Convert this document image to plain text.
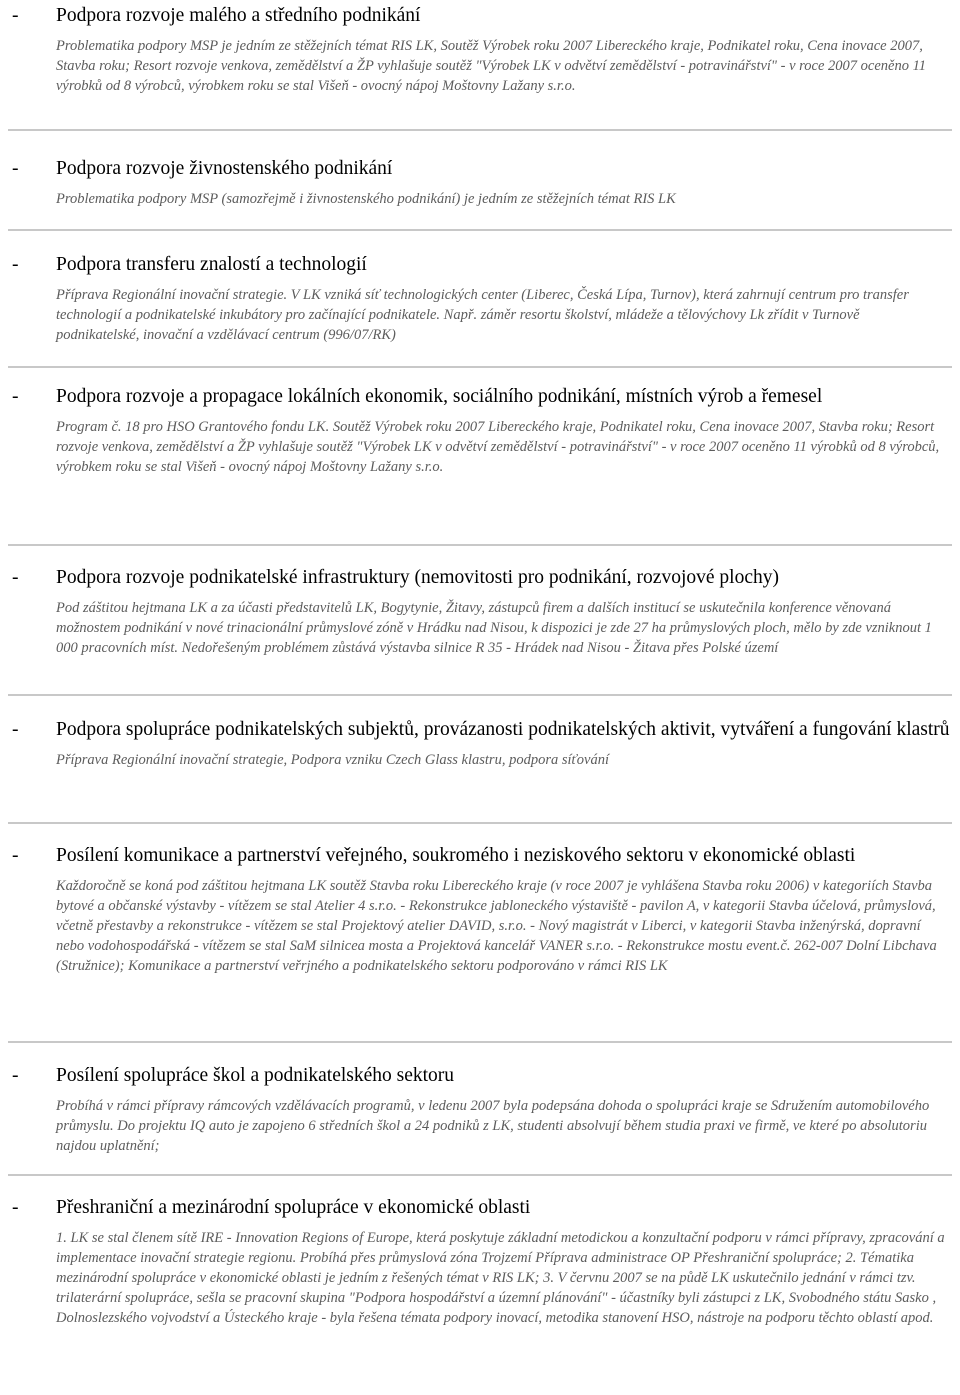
- Podpora rozvoje malého a středního podnikání
Problematika podpory MSP je jedním ze stěžejních témat RIS LK, Soutěž Výrobek roku 2007 Libereckého kraje, Podnikatel roku, Cena inovace 2007, Stavba roku; Resort rozvoje venkova, zemědělství a ŽP vyhlašuje soutěž "Výrobek LK v odvětví zemědělství - potravinářství" - v roce 2007 oceněno 11 výrobků od 8 výrobců, výrobkem roku se stal Višeň - ovocný nápoj Moštovny Lažany s.r.o.
- Podpora rozvoje živnostenského podnikání
Problematika podpory MSP (samozřejmě i živnostenského podnikání) je jedním ze stěžejních témat RIS LK
- Podpora transferu znalostí a technologií
Příprava Regionální inovační strategie. V LK vzniká síť technologických center (Liberec, Česká Lípa, Turnov), která zahrnují centrum pro transfer technologií a podnikatelské inkubátory pro začínající podnikatele. Např. záměr resortu školství, mládeže a tělovýchovy Lk zřídit v Turnově podnikatelské, inovační a vzdělávací centrum (996/07/RK)
- Podpora rozvoje a propagace lokálních ekonomik, sociálního podnikání, místních výrob a řemesel
Program č. 18 pro HSO Grantového fondu LK. Soutěž Výrobek roku 2007 Libereckého kraje, Podnikatel roku, Cena inovace 2007, Stavba roku; Resort rozvoje venkova, zemědělství a ŽP vyhlašuje soutěž "Výrobek LK v odvětví zemědělství - potravinářství" - v roce 2007 oceněno 11 výrobků od 8 výrobců, výrobkem roku se stal Višeň - ovocný nápoj Moštovny Lažany s.r.o.
- Podpora rozvoje podnikatelské infrastruktury (nemovitosti pro podnikání, rozvojové plochy)
Pod záštitou hejtmana LK a za účasti představitelů LK, Bogytynie, Žitavy, zástupců firem a dalších institucí se uskutečnila konference věnovaná možnostem podnikání v nové trinacionální průmyslové zóně v Hrádku nad Nisou, k dispozici je zde 27 ha průmyslových ploch, mělo by zde vzniknout 1 000 pracovních míst. Nedořešeným problémem zůstává výstavba silnice R 35 - Hrádek nad Nisou - Žitava přes Polské území
- Podpora spolupráce podnikatelských subjektů, provázanosti podnikatelských aktivit, vytváření a fungování klastrů
Příprava Regionální inovační strategie, Podpora vzniku Czech Glass klastru, podpora síťování
- Posílení komunikace a partnerství veřejného, soukromého i neziskového sektoru v ekonomické oblasti
Každoročně se koná pod záštitou hejtmana LK soutěž Stavba roku Libereckého kraje (v roce 2007 je vyhlášena Stavba roku 2006) v kategoriích Stavba bytové a občanské výstavby - vítězem se stal Atelier 4 s.r.o. - Rekonstrukce jabloneckého výstaviště - pavilon A, v kategorii Stavba účelová, průmyslová, včetně přestavby a rekonstrukce - vítězem se stal Projektový atelier DAVID, s.r.o. - Nový magistrát v Liberci, v kategorii Stavba inženýrská, dopravní nebo vodohospodářská - vítězem se stal SaM silnicea mosta a Projektová kancelář VANER s.r.o. - Rekonstrukce mostu event.č. 262-007 Dolní Libchava (Stružnice); Komunikace a partnerství veřrjného a podnikatelského sektoru podporováno v rámci RIS LK
- Posílení spolupráce škol a podnikatelského sektoru
Probíhá v rámci přípravy rámcových vzdělávacích programů, v ledenu 2007 byla podepsána dohoda o spolupráci kraje se Sdružením automobilového průmyslu. Do projektu IQ auto je zapojeno 6 středních škol a 24 podniků z LK, studenti absolvují během studia praxi ve firmě, ve které po absolutoriu najdou uplatnění;
- Přeshraniční a mezinárodní spolupráce v ekonomické oblasti
1. LK se stal členem sítě IRE - Innovation Regions of Europe, která poskytuje základní metodickou a konzultační podporu v rámci přípravy, zpracování a implementace inovační strategie regionu. Probíhá přes průmyslová zóna Trojzemí Příprava administrace OP Přeshraniční spolupráce; 2. Tématika mezinárodní spolupráce v ekonomické oblasti je jedním z řešených témat v RIS LK; 3. V červnu 2007 se na půdě LK uskutečnilo jednání v rámci tzv. trilaterární spolupráce, sešla se pracovní skupina "Podpora hospodářství a územní plánování" - účastníky byli zástupci z LK, Svobodného státu Sasko , Dolnoslezského vojvodství a Ústeckého kraje - byla řešena témata podpory inovací, metodika stanovení HSO, nástroje na podporu těchto oblastí apod.
